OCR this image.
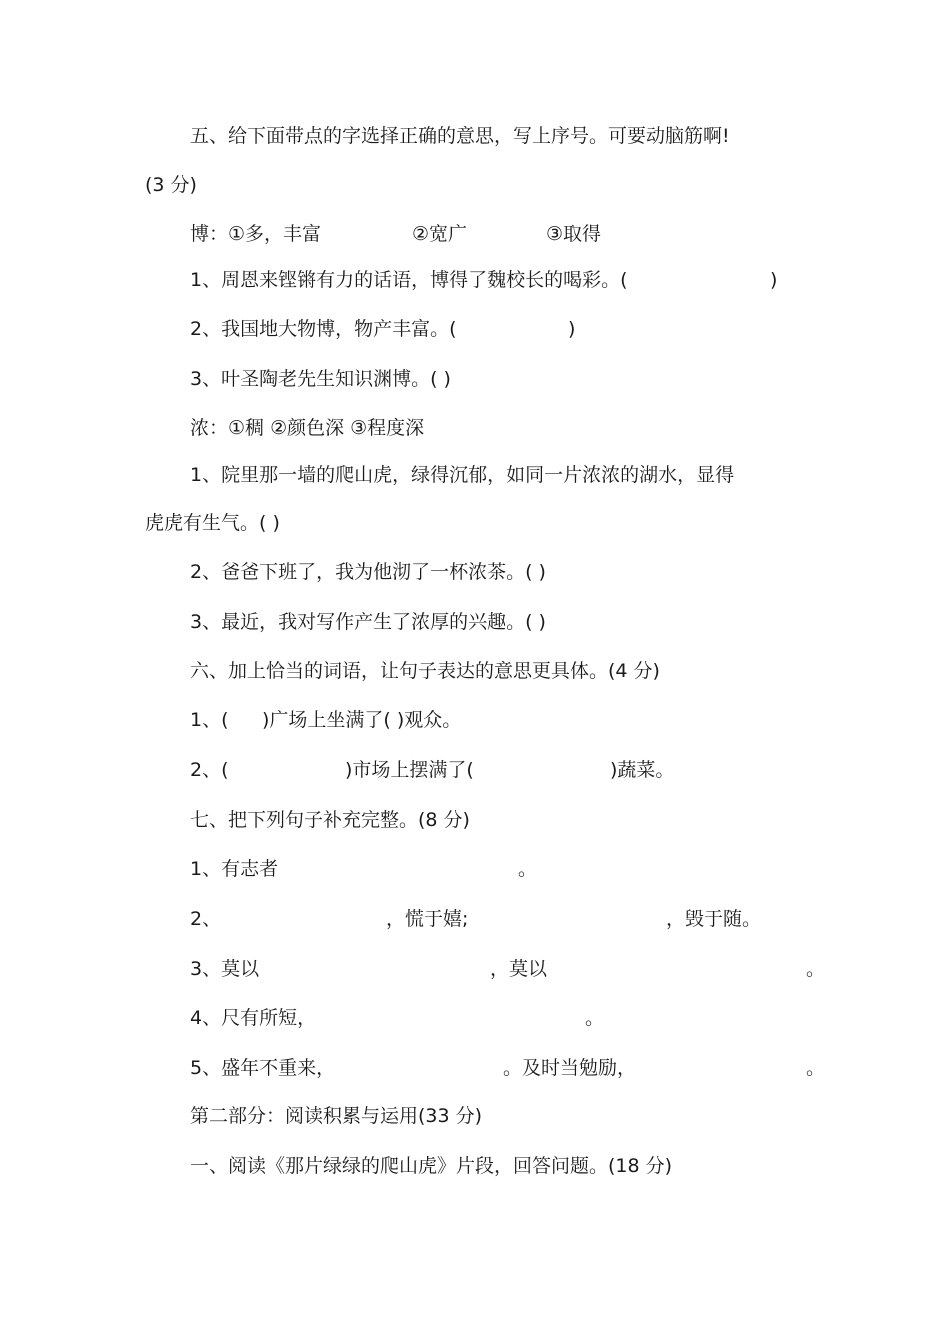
五、给下面带点的字选择正确的意思，写上序号。可要动脑筋啊!
(3 分)
博：①多，丰富	②宽广	③取得
1、周恩来铿锵有力的话语，博得了魏校长的喝彩。(	)
2、我国地大物博，物产丰富。(	)
3、叶圣陶老先生知识渊博。( )
浓：①稠 ②颜色深 ③程度深
1、院里那一墙的爬山虎，绿得沉郁，如同一片浓浓的湖水，显得
虎虎有生气。( )
2、爸爸下班了，我为他沏了一杯浓茶。( )
3、最近，我对写作产生了浓厚的兴趣。( )
六、加上恰当的词语，让句子表达的意思更具体。(4 分)
1、( )广场上坐满了( )观众。
2、(	)市场上摆满了(	)蔬菜。
七、把下列句子补充完整。(8 分)
1、有志者	。
2、	，慌于嬉;	，毁于随。
3、莫以	，莫以	。
4、尺有所短，	。
5、盛年不重来，	。及时当勉励，	。
第二部分：阅读积累与运用(33 分)
一、阅读《那片绿绿的爬山虎》片段，回答问题。(18 分)
